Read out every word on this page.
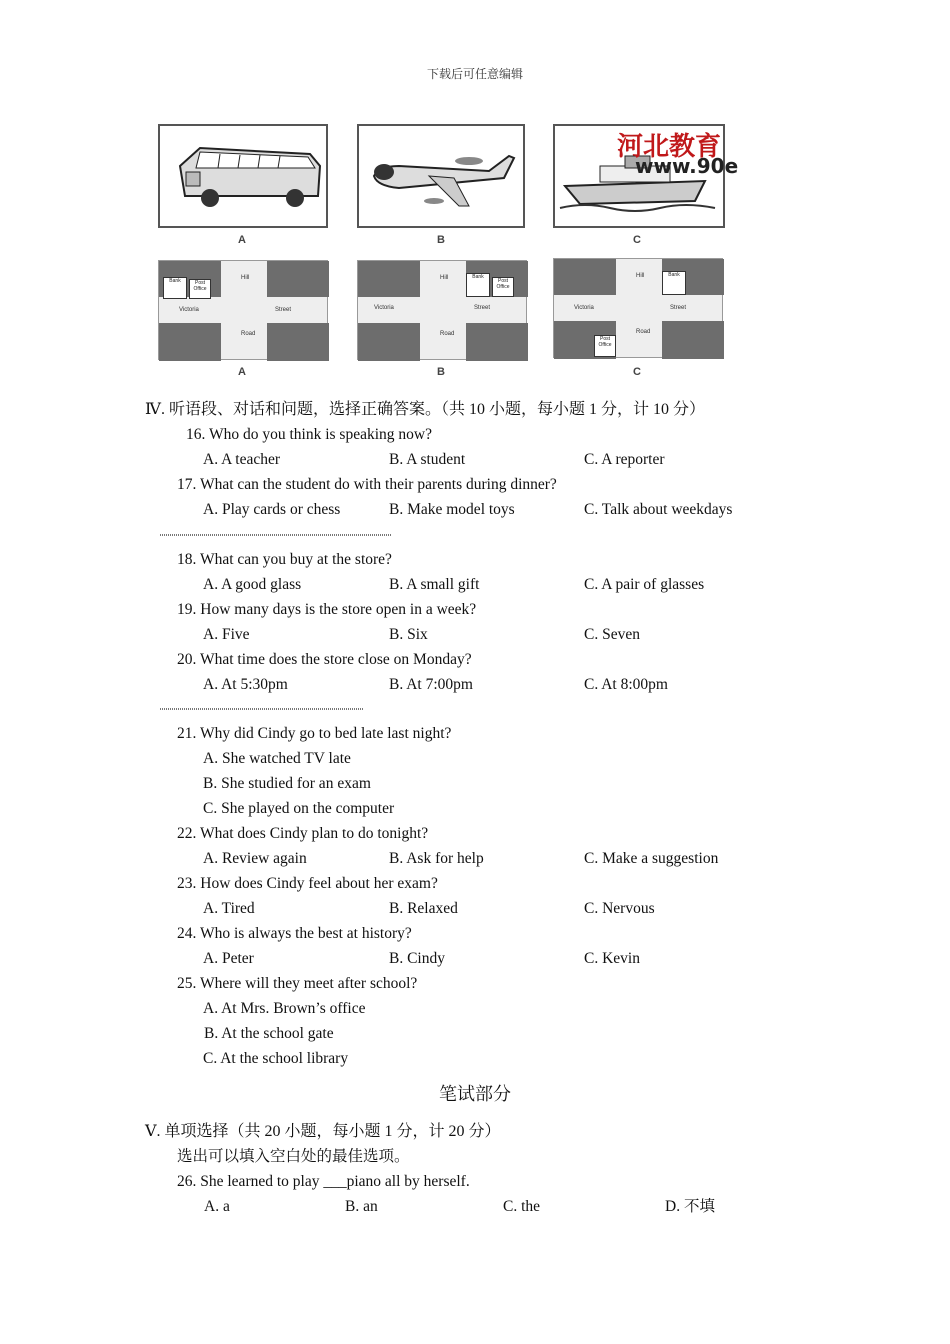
下载后可任意编辑
A	B
河北教育
www.90e
C
Bank	Post Office
Victoria	Street
Hill
Road
A
Bank
Post Office
Victoria	Street
Hill
Road
B
Bank
Post Office
Victoria	Street
Hill
Road
C
Ⅳ. 听语段、对话和问题，选择正确答案。（共 10 小题，每小题 1 分，计 10 分）
16. Who do you think is speaking now?
A. A teacher	B. A student	C. A reporter
17. What can the student do with their parents during dinner?
A. Play cards or chess	B. Make model toys	C. Talk about weekdays
18. What can you buy at the store?
A. A good glass	B. A small gift	C. A pair of glasses
19. How many days is the store open in a week?
A. Five	B. Six	C. Seven
20. What time does the store close on Monday?
A. At 5:30pm	B. At 7:00pm	C. At 8:00pm
21. Why did Cindy go to bed late last night?
A. She watched TV late
B. She studied for an exam
C. She played on the computer
22. What does Cindy plan to do tonight?
A. Review again	B. Ask for help	C. Make a suggestion
23. How does Cindy feel about her exam?
A. Tired	B. Relaxed	C. Nervous
24. Who is always the best at history?
A. Peter	B. Cindy	C. Kevin
25. Where will they meet after school?
A. At Mrs. Brown’s office
B. At the school gate
C. At the school library
笔试部分
Ⅴ. 单项选择（共 20 小题，每小题 1 分，计 20 分）
选出可以填入空白处的最佳选项。
26. She learned to play ___piano all by herself.
A. a	B. an	C. the	D. 不填
